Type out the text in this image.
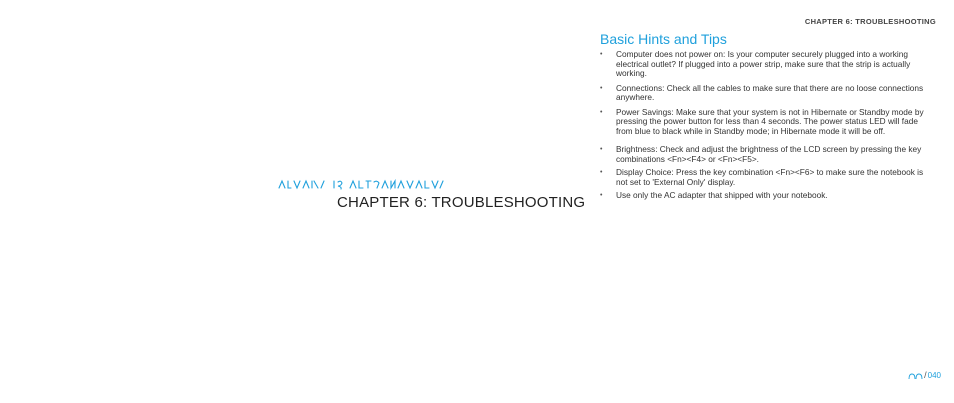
CHAPTER 6: TROUBLESHOOTING
CHAPTER 6: TROUBLESHOOTING
Basic Hints and Tips
• Computer does not power on: Is your computer securely plugged into a working electrical outlet? If plugged into a power strip, make sure that the strip is actually working.
• Connections: Check all the cables to make sure that there are no loose connections anywhere.
• Power Savings: Make sure that your system is not in Hibernate or Standby mode by pressing the power button for less than 4 seconds. The power status LED will fade from blue to black while in Standby mode; in Hibernate mode it will be off.
• Brightness: Check and adjust the brightness of the LCD screen by pressing the key combinations <Fn><F4> or <Fn><F5>.
• Display Choice: Press the key combination <Fn><F6> to make sure the notebook is not set to 'External Only' display.
• Use only the AC adapter that shipped with your notebook.
/ 040
